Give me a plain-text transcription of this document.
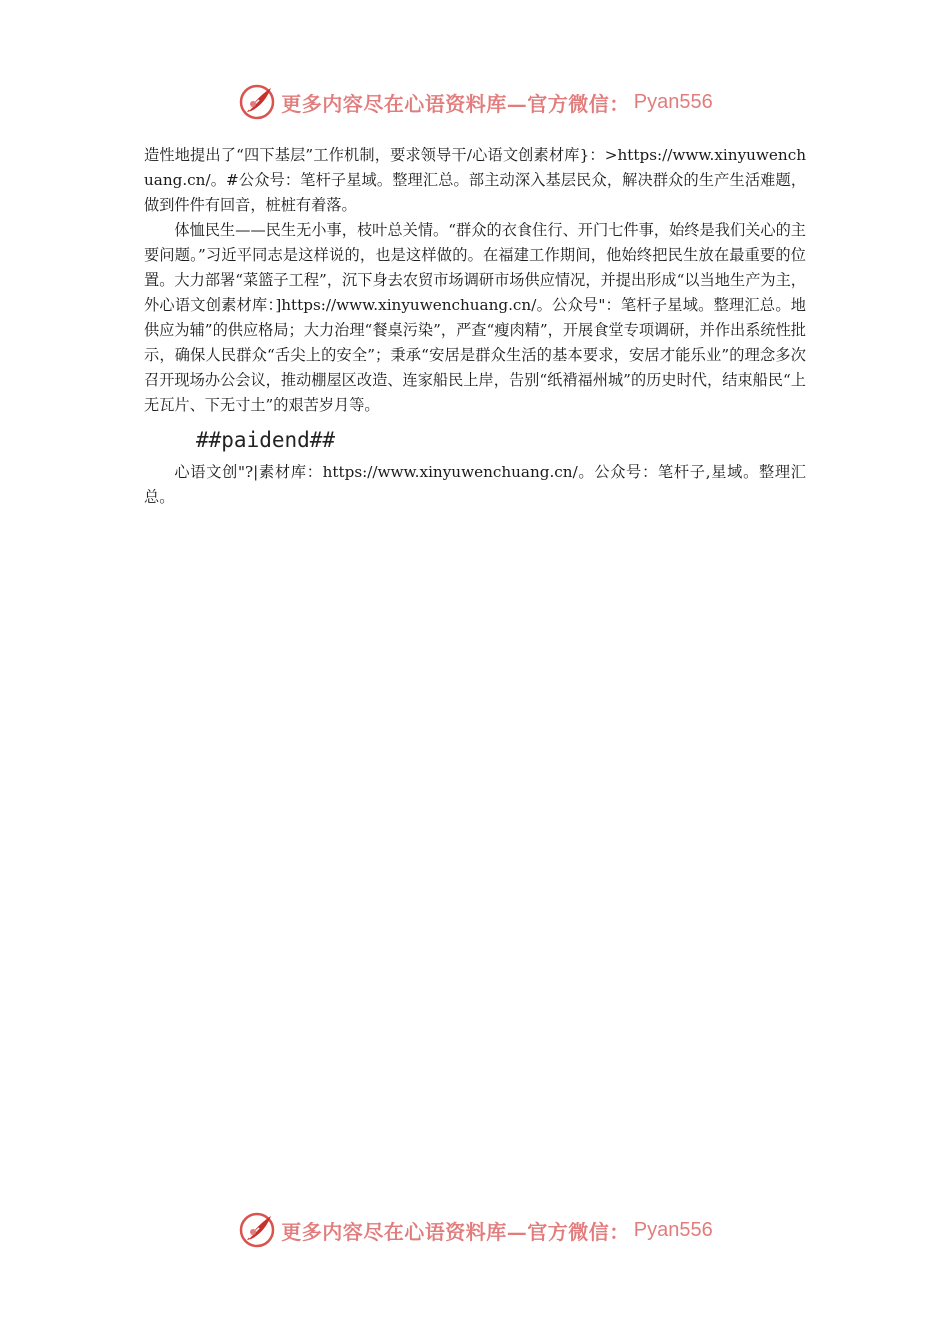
更多内容尽在心语资料库—官方微信： Pyan556

造性地提出了“四下基层”工作机制，要求领导干/心语文创素材库}：>https://www.xinyuwenchuang.cn/。#公众号：笔杆子星域。整理汇总。部主动深入基层民众，解决群众的生产生活难题，做到件件有回音，桩桩有着落。

体恤民生——民生无小事，枝叶总关情。“群众的衣食住行、开门七件事，始终是我们关心的主要问题。”习近平同志是这样说的，也是这样做的。在福建工作期间，他始终把民生放在最重要的位置。大力部署“菜篮子工程”，沉下身去农贸市场调研市场供应情况，并提出形成“以当地生产为主，外心语文创素材库：]https://www.xinyuwenchuang.cn/。公众号"：笔杆子星域。整理汇总。地供应为辅”的供应格局；大力治理“餐桌污染”，严查“瘦肉精”，开展食堂专项调研，并作出系统性批示，确保人民群众“舌尖上的安全”；秉承“安居是群众生活的基本要求，安居才能乐业”的理念多次召开现场办公会议，推动棚屋区改造、连家船民上岸，告别“纸褙福州城”的历史时代，结束船民“上无瓦片、下无寸土”的艰苦岁月等。

##paidend##

心语文创"?|素材库：https://www.xinyuwenchuang.cn/。公众号：笔杆子,星域。整理汇总。

更多内容尽在心语资料库—官方微信： Pyan556
